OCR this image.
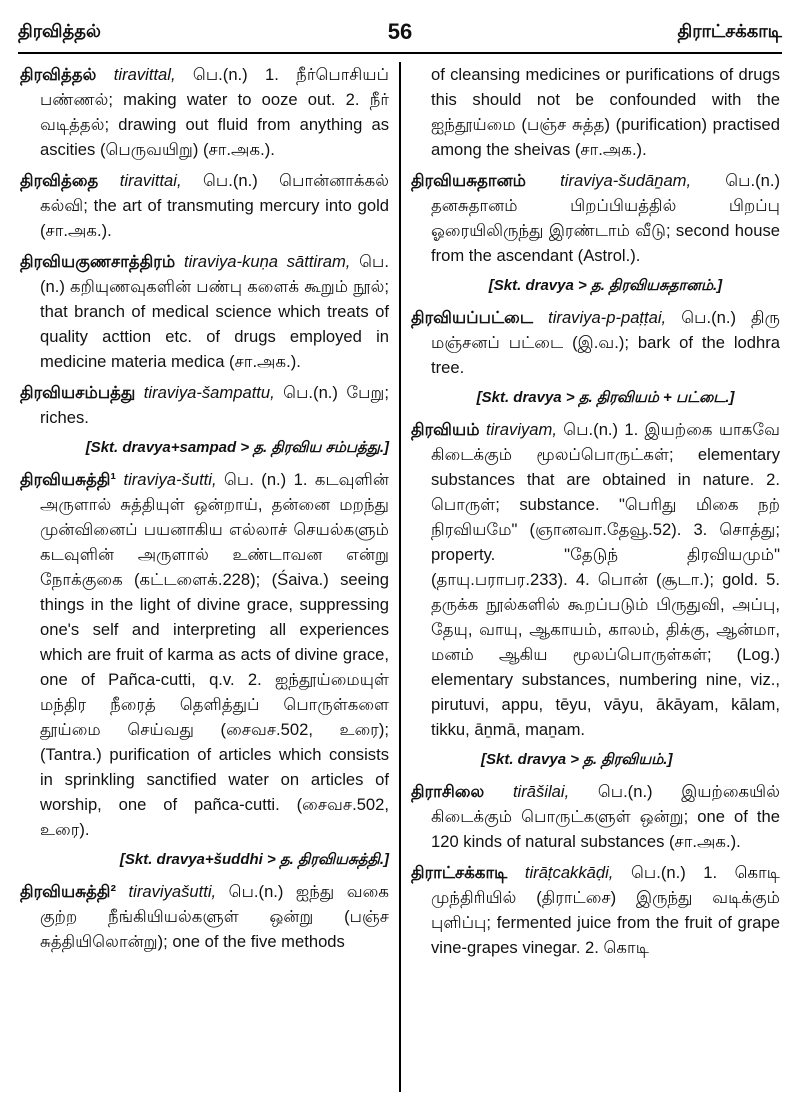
திரவித்தல்	56	திராட்சக்காடி

திரவித்தல் tiravittal, பெ.(n.) 1. நீர்பொசியப் பண்ணல்; making water to ooze out. 2. நீர் வடித்தல்; drawing out fluid from anything as ascities (பெருவயிறு) (சா.அக.).

திரவித்தை tiravittai, பெ.(n.) பொன்னாக்கல் கல்வி; the art of transmuting mercury into gold (சா.அக.).

திரவியகுணசாத்திரம் tiraviya-kuṇa sāttiram, பெ.(n.) கறியுணவுகளின் பண்பு களைக் கூறும் நூல்; that branch of medical science which treats of quality acttion etc. of drugs employed in medicine materia medica (சா.அக.).

திரவியசம்பத்து tiraviya-šampattu, பெ.(n.) பேறு; riches.

[Skt. dravya+sampad > த. திரவிய சம்பத்து.]

திரவியசுத்தி¹ tiraviya-šutti, பெ. (n.) 1. கடவுளின் அருளால் சுத்தியுள் ஒன்றாய், தன்னை மறந்து முன்வினைப் பயனாகிய எல்லாச் செயல்களும் கடவுளின் அருளால் உண்டாவன என்று நோக்குகை (கட்டளைக்.228); (Śaiva.) seeing things in the light of divine grace, suppressing one's self and interpreting all experiences which are fruit of karma as acts of divine grace, one of Pañca-cutti, q.v. 2. ஐந்தூய்மையுள் மந்திர நீரைத் தெளித்துப் பொருள்களை தூய்மை செய்வது (சைவச.502, உரை); (Tantra.) purification of articles which consists in sprinkling sanctified water on articles of worship, one of pañca-cutti. (சைவச.502, உரை).

[Skt. dravya+šuddhi > த. திரவியசுத்தி.]

திரவியசுத்தி² tiraviyašutti, பெ.(n.) ஐந்து வகை குற்ற நீங்கியியல்களுள் ஒன்று (பஞ்ச சுத்தியிலொன்று); one of the five methods

of cleansing medicines or purifications of drugs this should not be confounded with the ஐந்தூய்மை (பஞ்ச சுத்த) (purification) practised among the sheivas (சா.அக.).

திரவியசுதானம் tiraviya-šudāṉam, பெ.(n.) தனசுதானம் பிறப்பியத்தில் பிறப்பு ஓரையிலிருந்து இரண்டாம் வீடு; second house from the ascendant (Astrol.).

[Skt. dravya > த. திரவியசுதானம்.]

திரவியப்பட்டை tiraviya-p-paṭṭai, பெ.(n.) திரு மஞ்சனப் பட்டை (இ.வ.); bark of the lodhra tree.

[Skt. dravya > த. திரவியம் + பட்டை.]

திரவியம் tiraviyam, பெ.(n.) 1. இயற்கை யாகவே கிடைக்கும் மூலப்பொருட்கள்; elementary substances that are obtained in nature. 2. பொருள்; substance. "பெரிது மிகை நற் நிரவியமே" (ஞானவா.தேவூ.52). 3. சொத்து; property. "தேடுந் திரவியமும்" (தாயு.பராபர.233). 4. பொன் (சூடா.); gold. 5. தருக்க நூல்களில் கூறப்படும் பிருதுவி, அப்பு, தேயு, வாயு, ஆகாயம், காலம், திக்கு, ஆன்மா, மனம் ஆகிய மூலப்பொருள்கள்; (Log.) elementary substances, numbering nine, viz., pirutuvi, appu, tēyu, vāyu, ākāyam, kālam, tikku, āṉmā, maṉam.

[Skt. dravya > த. திரவியம்.]

திராசிலை tirāšilai, பெ.(n.) இயற்கையில் கிடைக்கும் பொருட்களுள் ஒன்று; one of the 120 kinds of natural substances (சா.அக.).

திராட்சக்காடி tirāṭcakkāḍi, பெ.(n.) 1. கொடி முந்திரியில் (திராட்சை) இருந்து வடிக்கும் புளிப்பு; fermented juice from the fruit of grape vine-grapes vinegar. 2. கொடி
